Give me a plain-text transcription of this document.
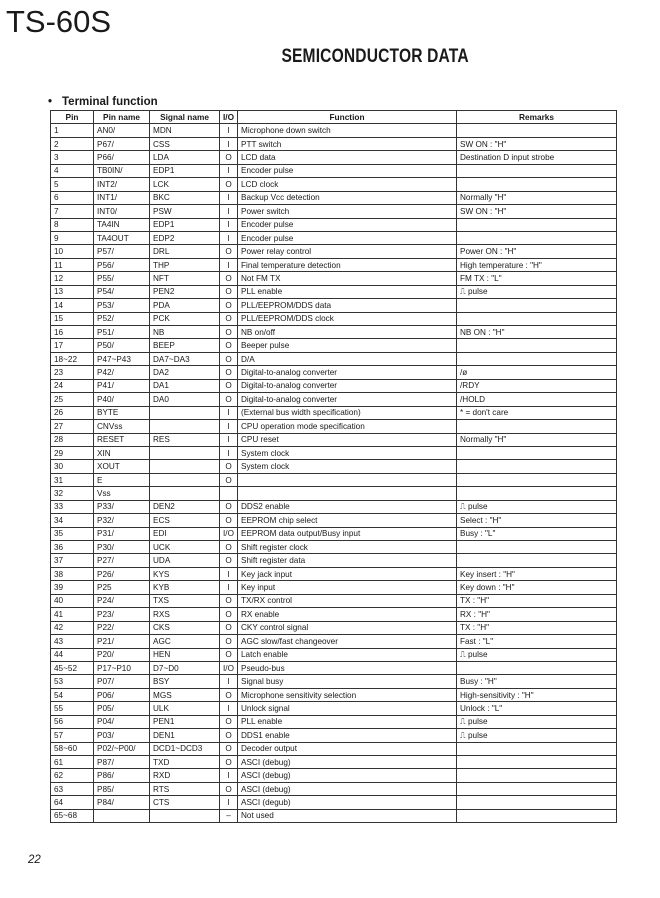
TS-60S
SEMICONDUCTOR DATA
• Terminal function
Pin	Pin name	Signal name	I/O	Function	Remarks
1	AN0/	MDN	I	Microphone down switch	
2	P67/	CSS	I	PTT switch	SW ON : "H"
3	P66/	LDA	O	LCD data	Destination D input strobe
4	TB0IN/	EDP1	I	Encoder pulse	
5	INT2/	LCK	O	LCD clock	
6	INT1/	BKC	I	Backup Vcc detection	Normally "H"
7	INT0/	PSW	I	Power switch	SW ON : "H"
8	TA4IN	EDP1	I	Encoder pulse	
9	TA4OUT	EDP2	I	Encoder pulse	
10	P57/	DRL	O	Power relay control	Power ON : "H"
11	P56/	THP	I	Final temperature detection	High temperature : "H"
12	P55/	NFT	O	Not FM TX	FM TX : "L"
13	P54/	PEN2	O	PLL enable	⎍ pulse
14	P53/	PDA	O	PLL/EEPROM/DDS data	
15	P52/	PCK	O	PLL/EEPROM/DDS clock	
16	P51/	NB	O	NB on/off	NB ON : "H"
17	P50/	BEEP	O	Beeper pulse	
18~22	P47~P43	DA7~DA3	O	D/A	
23	P42/	DA2	O	Digital-to-analog converter	/ø
24	P41/	DA1	O	Digital-to-analog converter	/RDY
25	P40/	DA0	O	Digital-to-analog converter	/HOLD
26	BYTE		I	(External bus width specification)	* = don't care
27	CNVss		I	CPU operation mode specification	
28	RESET	RES	I	CPU reset	Normally "H"
29	XIN		I	System clock	
30	XOUT		O	System clock	
31	E		O		
32	Vss				
33	P33/	DEN2	O	DDS2 enable	⎍ pulse
34	P32/	ECS	O	EEPROM chip select	Select : "H"
35	P31/	EDI	I/O	EEPROM data output/Busy input	Busy : "L"
36	P30/	UCK	O	Shift register clock	
37	P27/	UDA	O	Shift register data	
38	P26/	KYS	I	Key jack input	Key insert : "H"
39	P25	KYB	I	Key input	Key down : "H"
40	P24/	TXS	O	TX/RX control	TX : "H"
41	P23/	RXS	O	RX enable	RX : "H"
42	P22/	CKS	O	CKY control signal	TX : "H"
43	P21/	AGC	O	AGC slow/fast changeover	Fast : "L"
44	P20/	HEN	O	Latch enable	⎍ pulse
45~52	P17~P10	D7~D0	I/O	Pseudo-bus	
53	P07/	BSY	I	Signal busy	Busy : "H"
54	P06/	MGS	O	Microphone sensitivity selection	High-sensitivity : "H"
55	P05/	ULK	I	Unlock signal	Unlock : "L"
56	P04/	PEN1	O	PLL enable	⎍ pulse
57	P03/	DEN1	O	DDS1 enable	⎍ pulse
58~60	P02/~P00/	DCD1~DCD3	O	Decoder output	
61	P87/	TXD	O	ASCI (debug)	
62	P86/	RXD	I	ASCI (debug)	
63	P85/	RTS	O	ASCI (debug)	
64	P84/	CTS	I	ASCI (degub)	
65~68			–	Not used	
22
